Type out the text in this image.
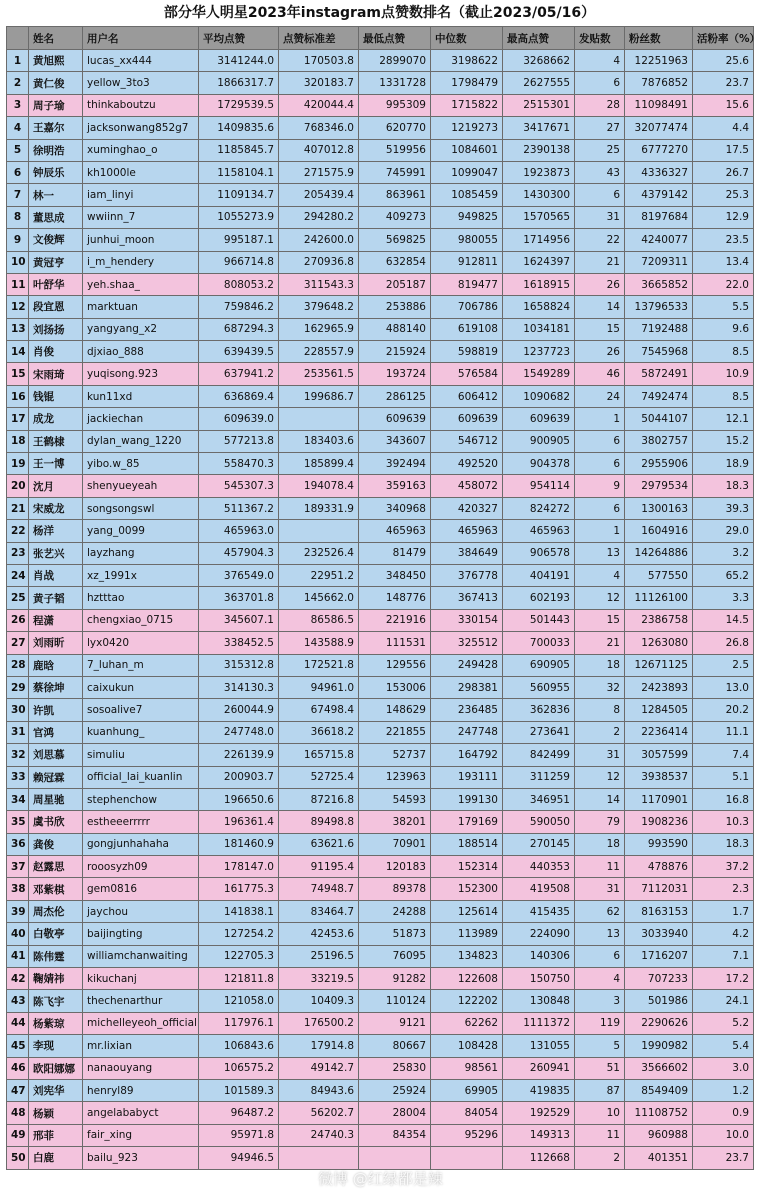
部分华人明星2023年instagram点赞数排名（截止2023/05/16）
	姓名	用户名	平均点赞	点赞标准差	最低点赞	中位数	最高点赞	发贴数	粉丝数	活粉率（%）
1	黄旭熙	lucas_xx444	3141244.0	170503.8	2899070	3198622	3268662	4	12251963	25.6
2	黄仁俊	yellow_3to3	1866317.7	320183.7	1331728	1798479	2627555	6	7876852	23.7
3	周子瑜	thinkaboutzu	1729539.5	420044.4	995309	1715822	2515301	28	11098491	15.6
4	王嘉尔	jacksonwang852g7	1409835.6	768346.0	620770	1219273	3417671	27	32077474	4.4
5	徐明浩	xuminghao_o	1185845.7	407012.8	519956	1084601	2390138	25	6777270	17.5
6	钟辰乐	kh1000le	1158104.1	271575.9	745991	1099047	1923873	43	4336327	26.7
7	林一	iam_linyi	1109134.7	205439.4	863961	1085459	1430300	6	4379142	25.3
8	董思成	wwiinn_7	1055273.9	294280.2	409273	949825	1570565	31	8197684	12.9
9	文俊辉	junhui_moon	995187.1	242600.0	569825	980055	1714956	22	4240077	23.5
10	黄冠亨	i_m_hendery	966714.8	270936.8	632854	912811	1624397	21	7209311	13.4
11	叶舒华	yeh.shaa_	808053.2	311543.3	205187	819477	1618915	26	3665852	22.0
12	段宜恩	marktuan	759846.2	379648.2	253886	706786	1658824	14	13796533	5.5
13	刘扬扬	yangyang_x2	687294.3	162965.9	488140	619108	1034181	15	7192488	9.6
14	肖俊	djxiao_888	639439.5	228557.9	215924	598819	1237723	26	7545968	8.5
15	宋雨琦	yuqisong.923	637941.2	253561.5	193724	576584	1549289	46	5872491	10.9
16	钱锟	kun11xd	636869.4	199686.7	286125	606412	1090682	24	7492474	8.5
17	成龙	jackiechan	609639.0		609639	609639	609639	1	5044107	12.1
18	王鹤棣	dylan_wang_1220	577213.8	183403.6	343607	546712	900905	6	3802757	15.2
19	王一博	yibo.w_85	558470.3	185899.4	392494	492520	904378	6	2955906	18.9
20	沈月	shenyueyeah	545307.3	194078.4	359163	458072	954114	9	2979534	18.3
21	宋威龙	songsongswl	511367.2	189331.9	340968	420327	824272	6	1300163	39.3
22	杨洋	yang_0099	465963.0		465963	465963	465963	1	1604916	29.0
23	张艺兴	layzhang	457904.3	232526.4	81479	384649	906578	13	14264886	3.2
24	肖战	xz_1991x	376549.0	22951.2	348450	376778	404191	4	577550	65.2
25	黄子韬	hztttao	363701.8	145662.0	148776	367413	602193	12	11126100	3.3
26	程潇	chengxiao_0715	345607.1	86586.5	221916	330154	501443	15	2386758	14.5
27	刘雨昕	lyx0420	338452.5	143588.9	111531	325512	700033	21	1263080	26.8
28	鹿晗	7_luhan_m	315312.8	172521.8	129556	249428	690905	18	12671125	2.5
29	蔡徐坤	caixukun	314130.3	94961.0	153006	298381	560955	32	2423893	13.0
30	许凯	sosoalive7	260044.9	67498.4	148629	236485	362836	8	1284505	20.2
31	官鸿	kuanhung_	247748.0	36618.2	221855	247748	273641	2	2236414	11.1
32	刘思慕	simuliu	226139.9	165715.8	52737	164792	842499	31	3057599	7.4
33	赖冠霖	official_lai_kuanlin	200903.7	52725.4	123963	193111	311259	12	3938537	5.1
34	周星驰	stephenchow	196650.6	87216.8	54593	199130	346951	14	1170901	16.8
35	虞书欣	estheeerrrrr	196361.4	89498.8	38201	179169	590050	79	1908236	10.3
36	龚俊	gongjunhahaha	181460.9	63621.6	70901	188514	270145	18	993590	18.3
37	赵露思	rooosyzh09	178147.0	91195.4	120183	152314	440353	11	478876	37.2
38	邓紫棋	gem0816	161775.3	74948.7	89378	152300	419508	31	7112031	2.3
39	周杰伦	jaychou	141838.1	83464.7	24288	125614	415435	62	8163153	1.7
40	白敬亭	baijingting	127254.2	42453.6	51873	113989	224090	13	3033940	4.2
41	陈伟霆	williamchanwaiting	122705.3	25196.5	76095	134823	140306	6	1716207	7.1
42	鞠婧祎	kikuchanj	121811.8	33219.5	91282	122608	150750	4	707233	17.2
43	陈飞宇	thechenarthur	121058.0	10409.3	110124	122202	130848	3	501986	24.1
44	杨紫琼	michelleyeoh_official	117976.1	176500.2	9121	62262	1111372	119	2290626	5.2
45	李现	mr.lixian	106843.6	17914.8	80667	108428	131055	5	1990982	5.4
46	欧阳娜娜	nanaouyang	106575.2	49142.7	25830	98561	260941	51	3566602	3.0
47	刘宪华	henryl89	101589.3	84943.6	25924	69905	419835	87	8549409	1.2
48	杨颖	angelababyct	96487.2	56202.7	28004	84054	192529	10	11108752	0.9
49	邢菲	fair_xing	95971.8	24740.3	84354	95296	149313	11	960988	10.0
50	白鹿	bailu_923	94946.5				112668	2	401351	23.7
微博 @红绿都是辣
